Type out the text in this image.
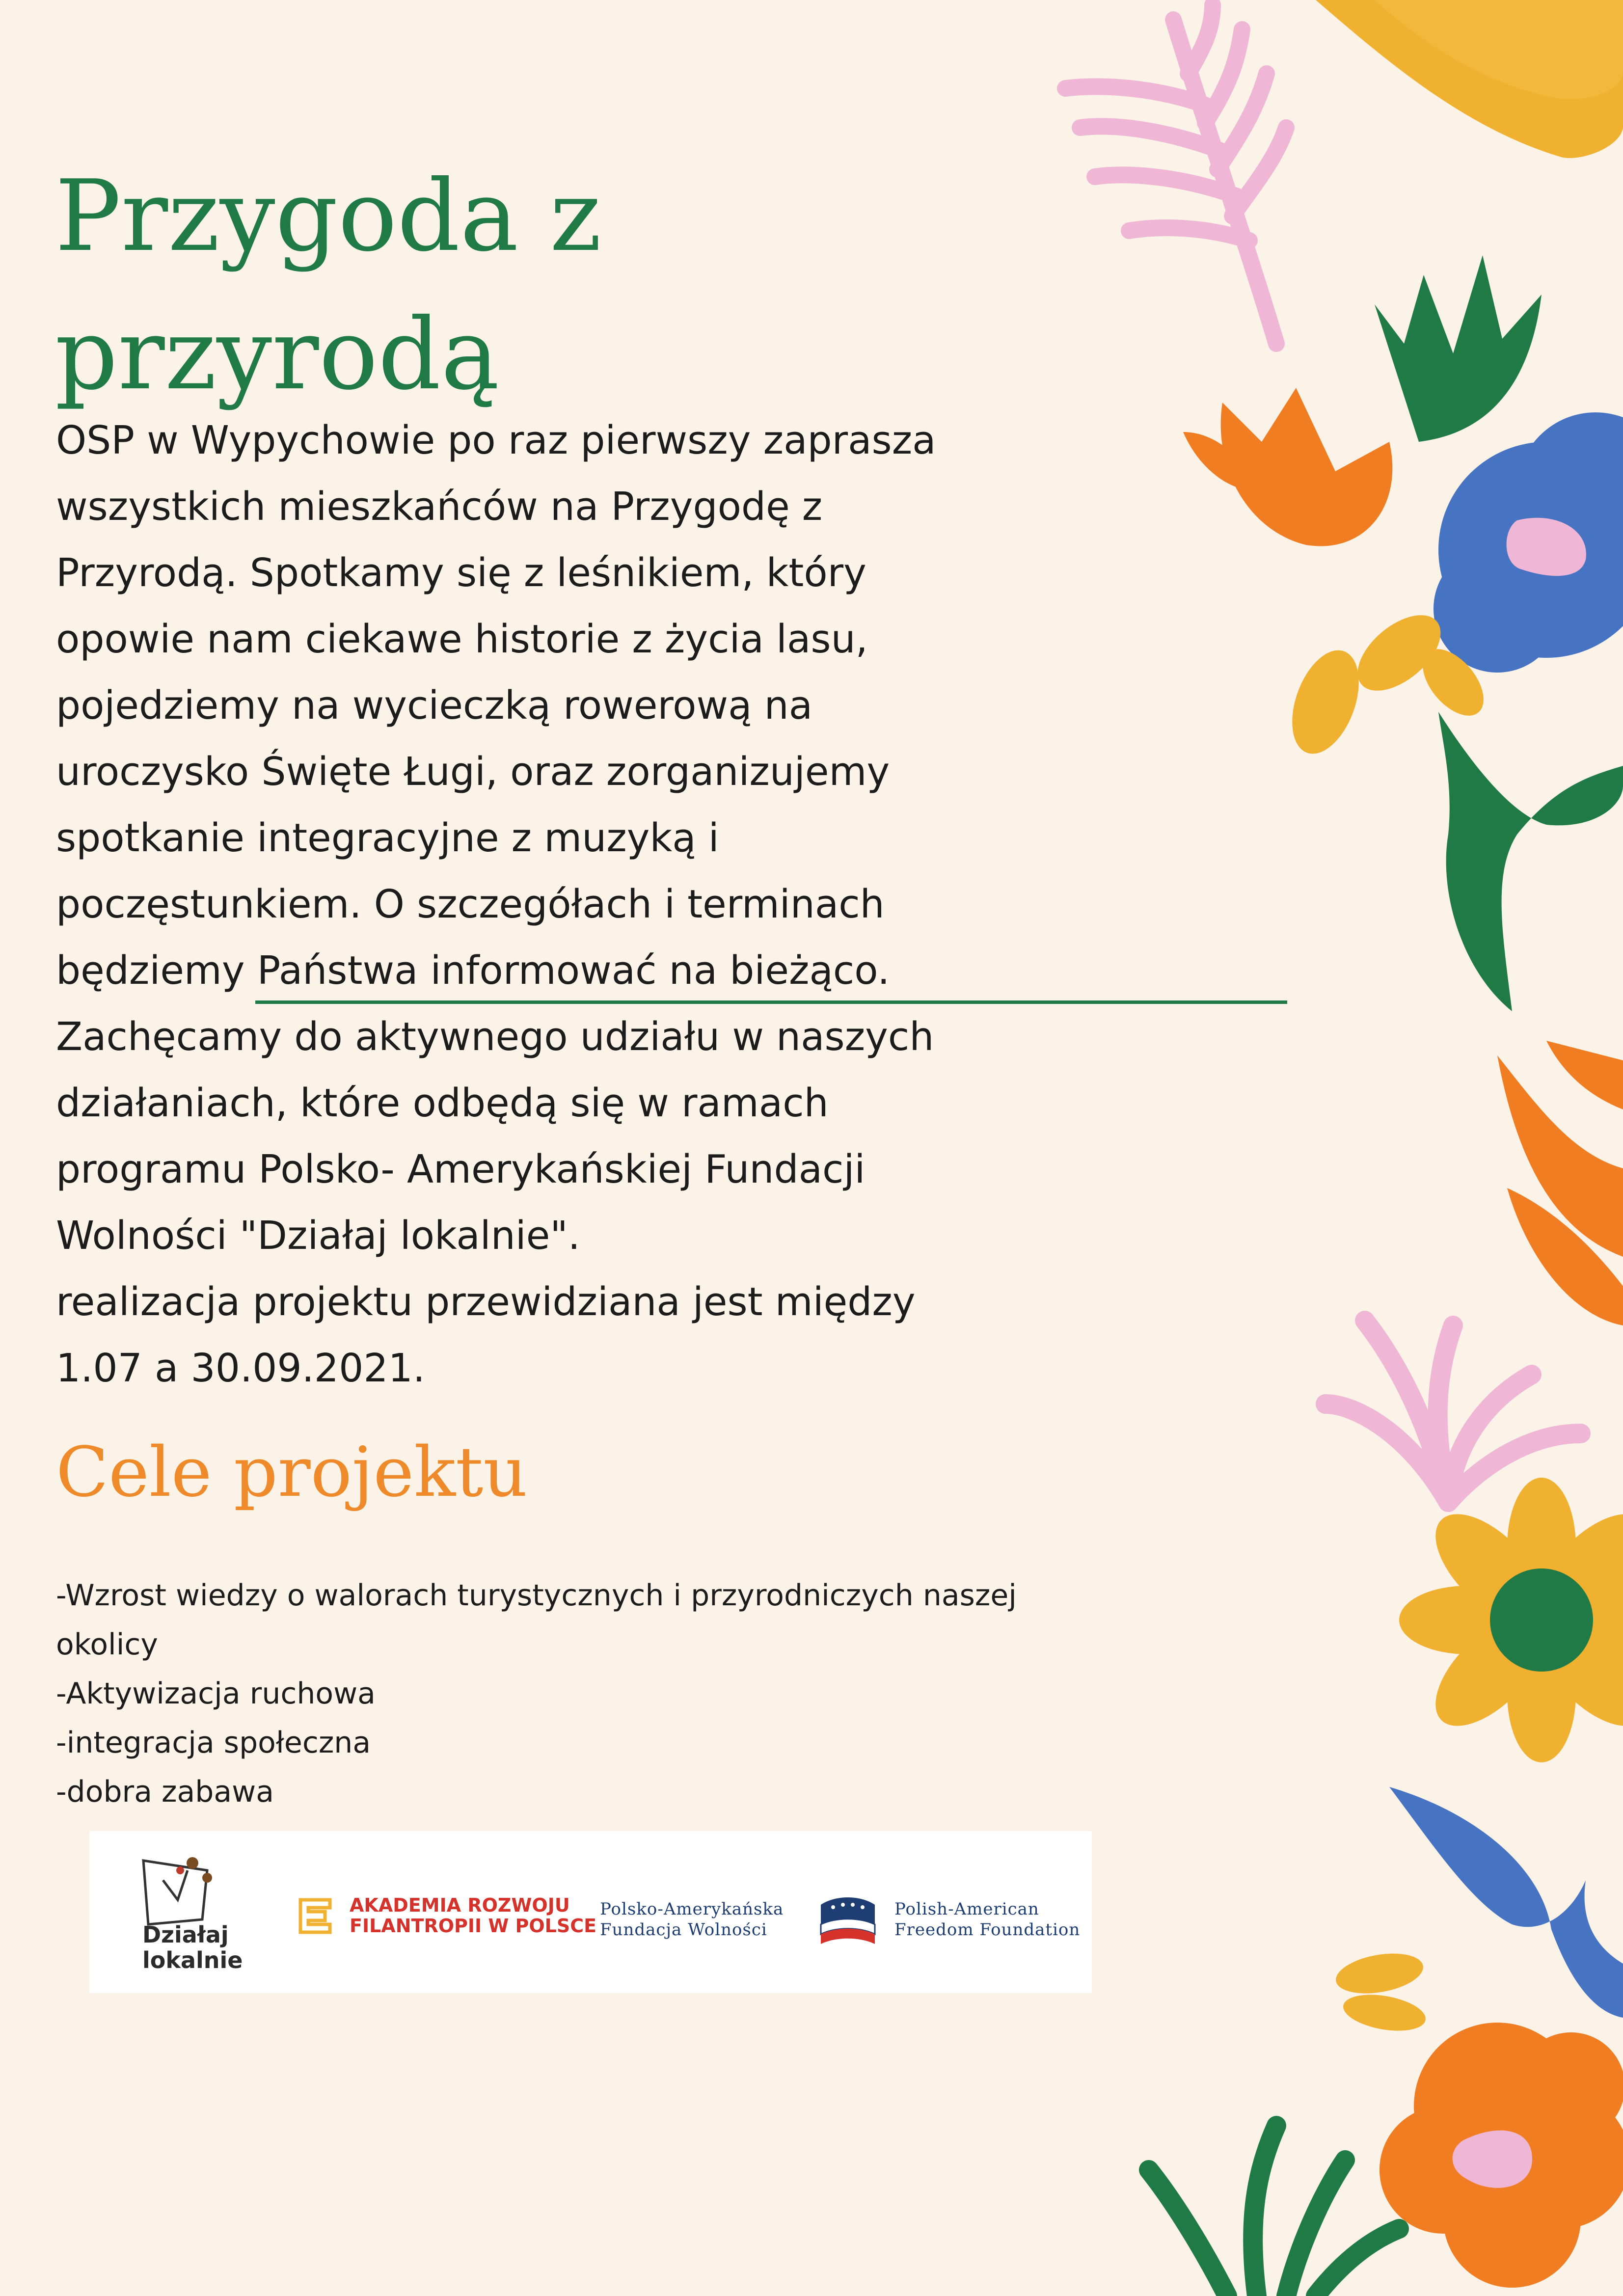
Przygoda z
przyrodą

OSP w Wypychowie po raz pierwszy zaprasza

wszystkich mieszkańców na Przygodę z

Przyrodą. Spotkamy się z leśnikiem, który

opowie nam ciekawe historie z życia lasu,

pojedziemy na wycieczką rowerową na

uroczysko Święte Ługi, oraz zorganizujemy

spotkanie integracyjne z muzyką i

poczęstunkiem. O szczegółach i terminach

będziemy Państwa informować na bieżąco.

Zachęcamy do aktywnego udziału w naszych

działaniach, które odbędą się w ramach

programu Polsko- Amerykańskiej Fundacji

Wolności "Działaj lokalnie".

realizacja projektu przewidziana jest między

1.07 a 30.09.2021.

Cele projektu

-Wzrost wiedzy o walorach turystycznych i przyrodniczych naszej

okolicy

-Aktywizacja ruchowa

-integracja społeczna

-dobra zabawa

Działaj
lokalnie
AKADEMIA ROZWOJU
FILANTROPII W POLSCE
Polsko-Amerykańska
Fundacja Wolności
Polish-American
Freedom Foundation
